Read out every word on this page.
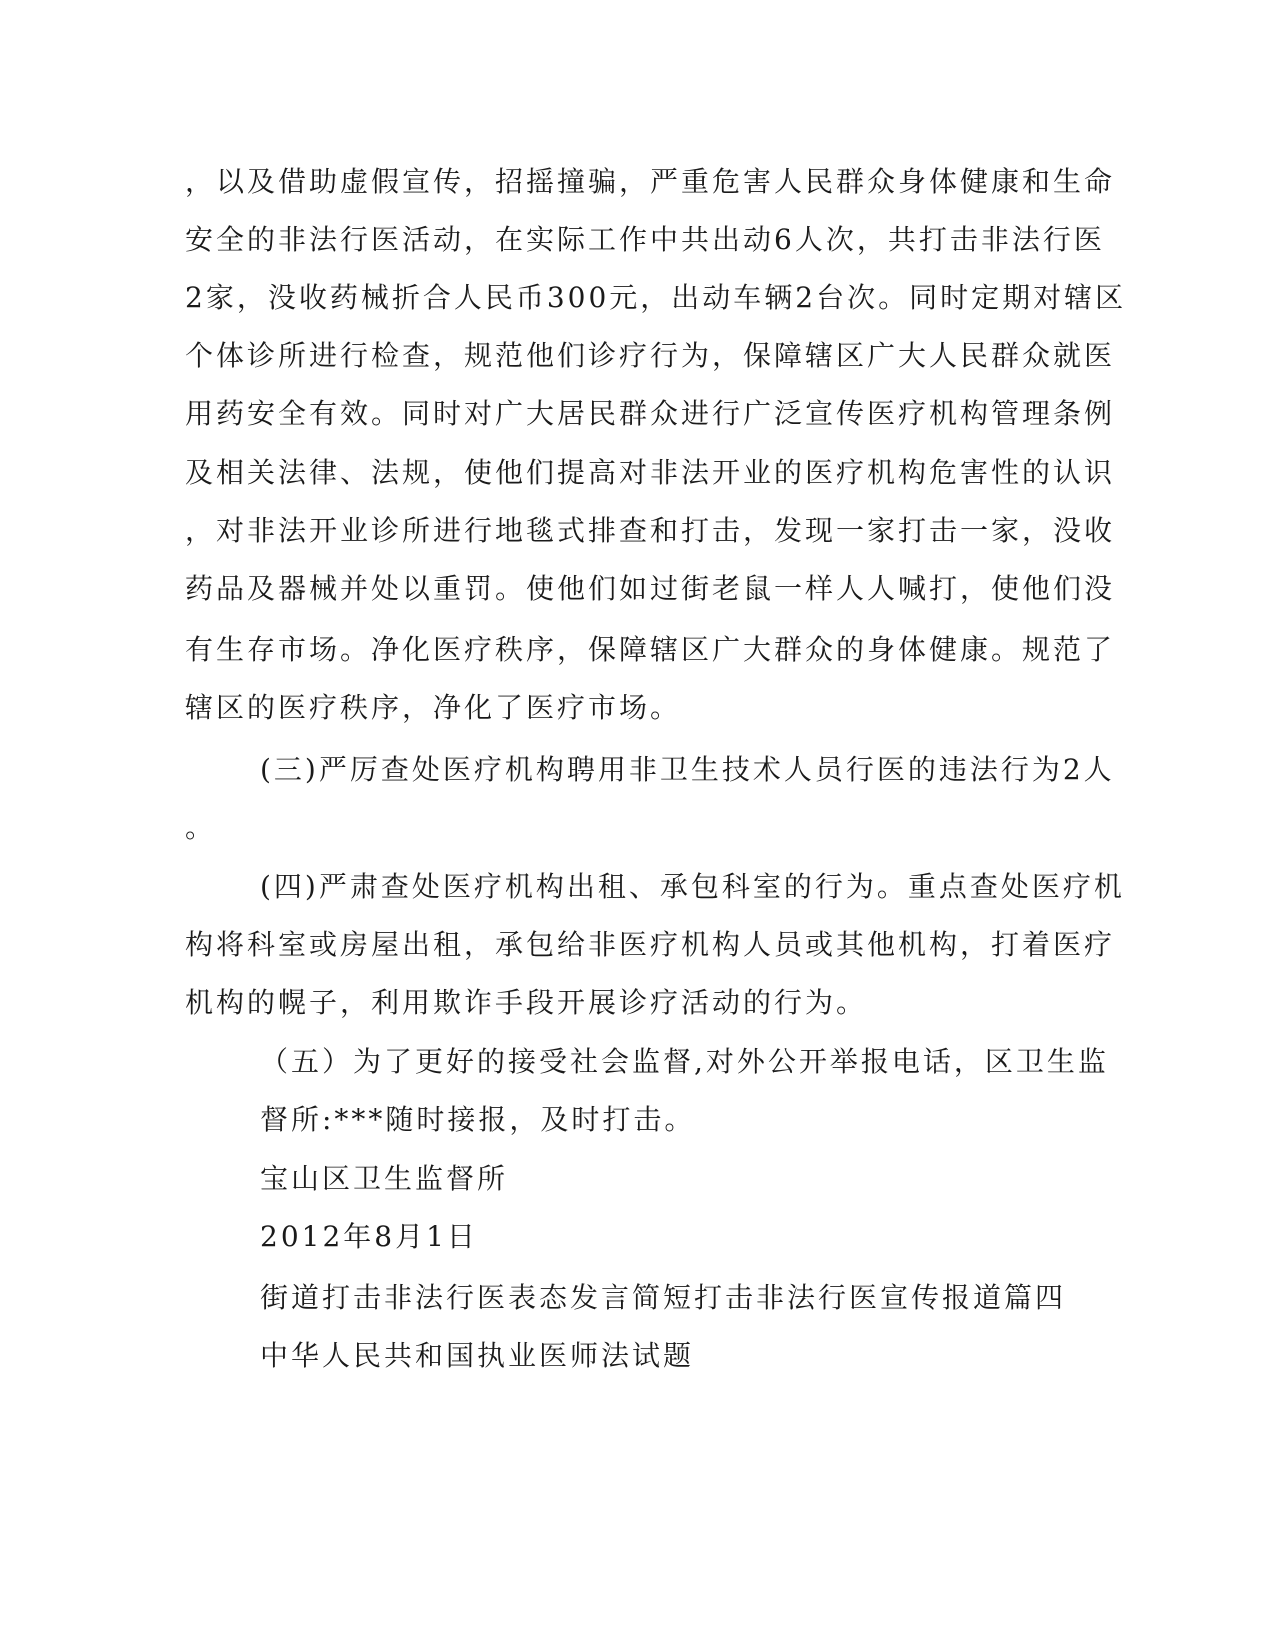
，以及借助虚假宣传，招摇撞骗，严重危害人民群众身体健康和生命

安全的非法行医活动，在实际工作中共出动6人次，共打击非法行医

2家，没收药械折合人民币300元，出动车辆2台次。同时定期对辖区

个体诊所进行检查，规范他们诊疗行为，保障辖区广大人民群众就医

用药安全有效。同时对广大居民群众进行广泛宣传医疗机构管理条例

及相关法律、法规，使他们提高对非法开业的医疗机构危害性的认识

，对非法开业诊所进行地毯式排查和打击，发现一家打击一家，没收

药品及器械并处以重罚。使他们如过街老鼠一样人人喊打，使他们没

有生存市场。净化医疗秩序，保障辖区广大群众的身体健康。规范了

辖区的医疗秩序，净化了医疗市场。

(三)严厉查处医疗机构聘用非卫生技术人员行医的违法行为2人

。

(四)严肃查处医疗机构出租、承包科室的行为。重点查处医疗机

构将科室或房屋出租，承包给非医疗机构人员或其他机构，打着医疗

机构的幌子，利用欺诈手段开展诊疗活动的行为。

（五）为了更好的接受社会监督,对外公开举报电话，区卫生监

督所:***随时接报，及时打击。

宝山区卫生监督所

2012年8月1日

街道打击非法行医表态发言简短打击非法行医宣传报道篇四

中华人民共和国执业医师法试题
